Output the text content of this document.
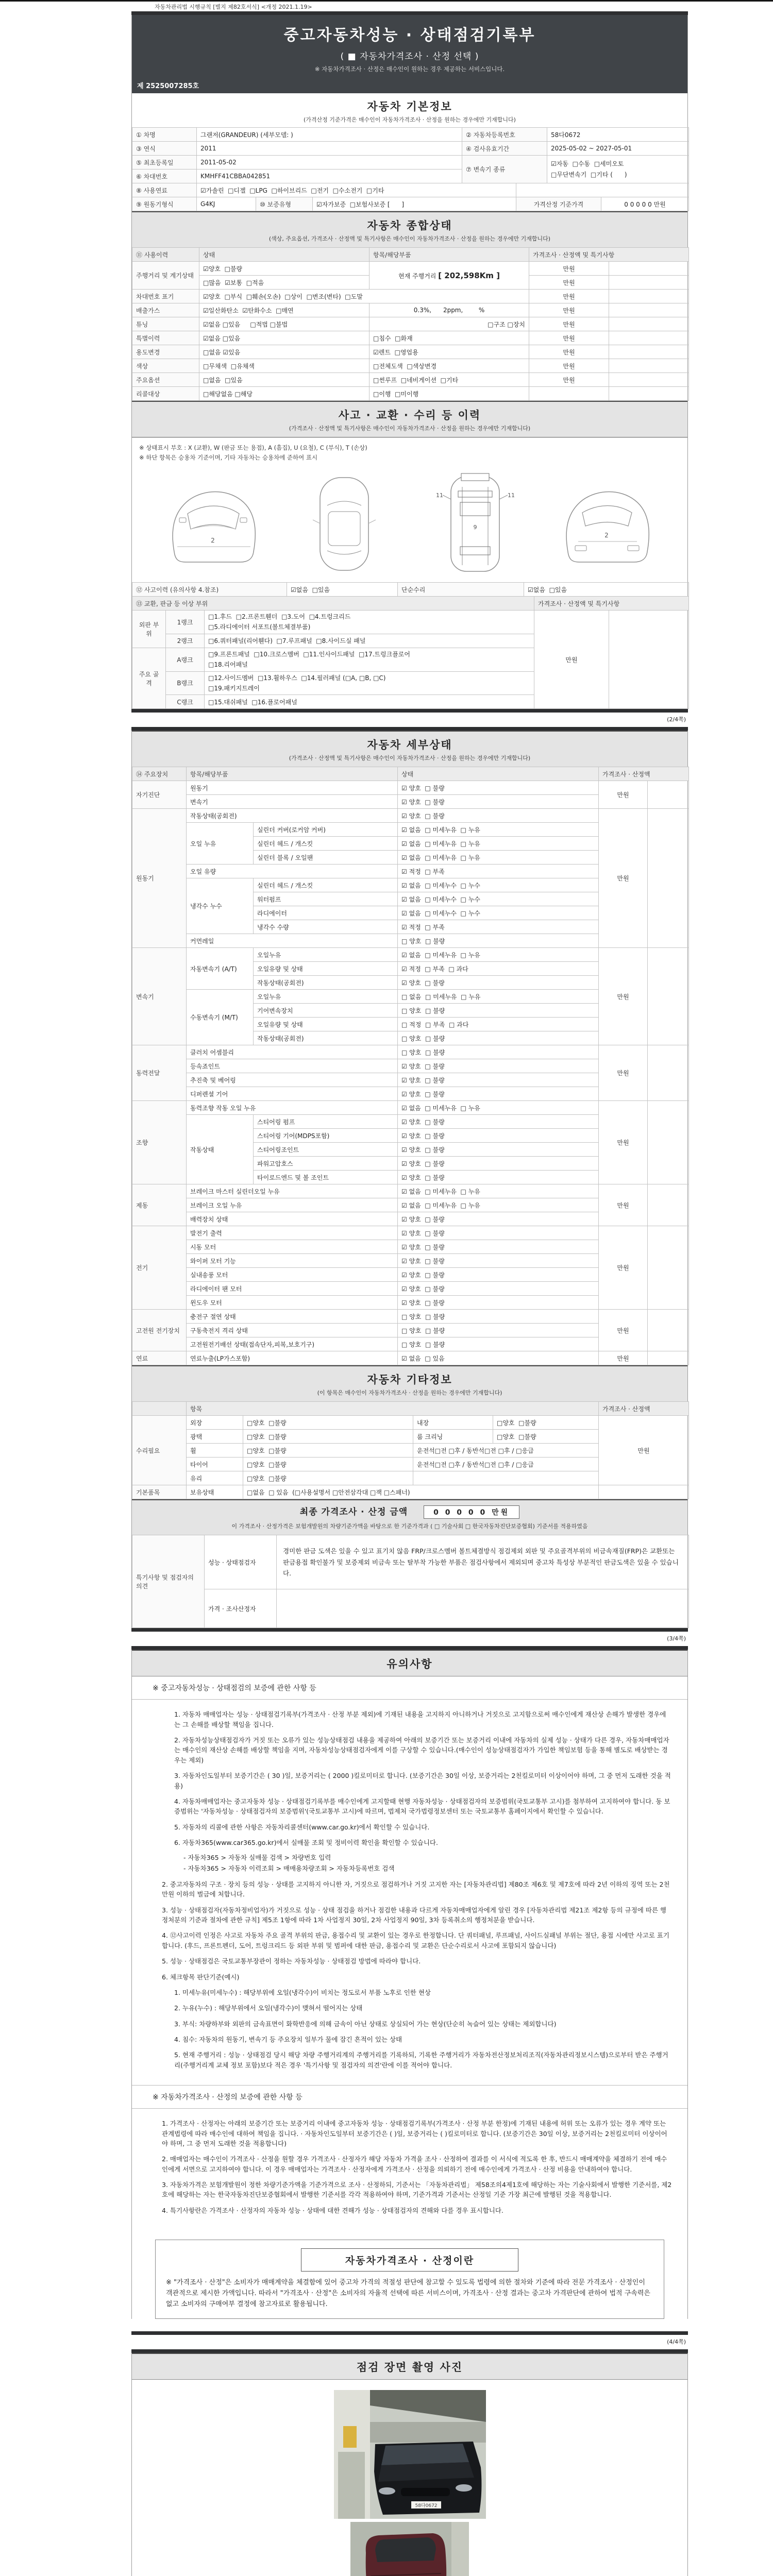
자동차관리법 시행규칙 [별지 제82호서식] <개정 2021.1.19>
중고자동차성능 · 상태점검기록부
( ■ 자동차가격조사 · 산정 선택 )
※ 자동차가격조사 · 산정은 매수인이 원하는 경우 제공하는 서비스입니다.
제 2525007285호
자동차 기본정보
(가격산정 기준가격은 매수인이 자동차가격조사 · 산정을 원하는 경우에만 기재합니다)
① 차명	그랜저(GRANDEUR) (세부모델: )	② 자동차등록번호	58다0672
③ 연식	2011	④ 검사유효기간	2025-05-02 ~ 2027-05-01
⑤ 최초등록일	2011-05-02	⑦ 변속기 종류	☑자동  □수동  □세미오토
□무단변속기  □기타 (      )

⑥ 차대번호	KMHFF41CBBA042851		
⑧ 사용연료	☑가솔린  □디젤  □LPG  □하이브리드  □전기  □수소전기  □기타	
⑨ 원동기형식	G4KJ	⑩ 보증유형	☑자가보증  □보험사보증 [      ]	가격산정 기준가격	0 0 0 0 0 만원
자동차 종합상태
(색상, 주요옵션, 가격조사 · 산정액 및 특기사항은 매수인이 자동차가격조사 · 산정을 원하는 경우에만 기재합니다)
⑪ 사용이력	상태	항목/해당부품	가격조사 · 산정액 및 특기사항	
주행거리 및 계기상태	☑양호  □불량	현재 주행거리 [ 202,598Km ]	만원	
	□많음  ☑보통  □적음		만원	
차대번호 표기	☑양호  □부식  □훼손(오손)  □상이  □변조(변타)  □도말		만원	
배출가스	☑일산화탄소  ☑탄화수소  □매연	0.3%,      2ppm,        %	만원	
튜닝	☑없음 □있음     □적법 □불법	□구조 □장치	만원	
특별이력	☑없음 □있음	□침수  □화재	만원	
용도변경	□없음 ☑있음	☑렌트  □영업용	만원	
색상	□무채색  □유채색	□전체도색  □색상변경	만원	
주요옵션	□없음  □있음	□썬루프  □네비게이션  □기타	만원	
리콜대상	□해당없음 □해당	□이행  □미이행		
사고 · 교환 · 수리 등 이력
(가격조사 · 산정액 및 특기사항은 매수인이 자동차가격조사 · 산정을 원하는 경우에만 기재합니다)

※ 상태표시 부호 : X (교환), W (판금 또는 용접), A (흠집), U (요철), C (부식), T (손상)

※ 하단 항목은 승용차 기준이며, 기타 자동차는 승용차에 준하여 표시

2
11
9
11
2
⑫ 사고이력 (유의사항 4.참조)	☑없음  □있음	단순수리	☑없음  □있음
⑬ 교환, 판금 등 이상 부위	가격조사 · 산정액 및 특기사항
외판 부위	1랭크	□1.후드  □2.프론트휀더  □3.도어  □4.트렁크리드
□5.라디에이터 서포트(볼트체결부품)	만원	
	2랭크	□6.쿼터패널(리어휀다)  □7.루프패널  □8.사이드실 패널		
주요 골격	A랭크	□9.프론트패널  □10.크로스멤버  □11.인사이드패널  □17.트렁크플로어
□18.리어패널		

	B랭크	□12.사이드멤버  □13.휠하우스  □14.필러패널 (□A, □B, □C)
□19.패키지트레이		

	C랭크	□15.대쉬패널  □16.플로어패널		
(2/4쪽)
자동차 세부상태
(가격조사 · 산정액 및 특기사항은 매수인이 자동차가격조사 · 산정을 원하는 경우에만 기재합니다)
⑭ 주요장치	항목/해당부품		상태	가격조사 · 산정액	
자기진단	원동기		☑ 양호  □ 불량	만원	
	변속기		☑ 양호  □ 불량		
원동기	작동상태(공회전)		☑ 양호  □ 불량	만원	
	오일 누유	실린더 커버(로커암 커버)	☑ 없음  □ 미세누유  □ 누유		
		실린더 헤드 / 개스킷	☑ 없음  □ 미세누유  □ 누유		
		실린더 블록 / 오일팬	☑ 없음  □ 미세누유  □ 누유		
	오일 유량		☑ 적정  □ 부족		
	냉각수 누수	실린더 헤드 / 개스킷	☑ 없음  □ 미세누수  □ 누수		
		워터펌프	☑ 없음  □ 미세누수  □ 누수		
		라디에이터	☑ 없음  □ 미세누수  □ 누수		
		냉각수 수량	☑ 적정  □ 부족		
	커먼레일		□ 양호  □ 불량		
변속기	자동변속기 (A/T)	오일누유	☑ 없음  □ 미세누유  □ 누유	만원	
		오일유량 및 상태	☑ 적정  □ 부족  □ 과다		
		작동상태(공회전)	☑ 양호  □ 불량		
	수동변속기 (M/T)	오일누유	□ 없음  □ 미세누유  □ 누유		
		기어변속장치	□ 양호  □ 불량		
		오일유량 및 상태	□ 적정  □ 부족  □ 과다		
		작동상태(공회전)	□ 양호  □ 불량		
동력전달	클러치 어셈블리		□ 양호  □ 불량	만원	
	등속죠인트		☑ 양호  □ 불량		
	추진축 및 베어링		☑ 양호  □ 불량		
	디퍼렌셜 기어		☑ 양호  □ 불량		
조향	동력조향 작동 오일 누유		☑ 없음  □ 미세누유  □ 누유	만원	
	작동상태	스티어링 펌프	☑ 양호  □ 불량		
		스티어링 기어(MDPS포함)	☑ 양호  □ 불량		
		스티어링조인트	☑ 양호  □ 불량		
		파워고압호스	☑ 양호  □ 불량		
		타이로드엔드 및 볼 조인트	☑ 양호  □ 불량		
제동	브레이크 마스터 실린더오일 누유		☑ 없음  □ 미세누유  □ 누유	만원	
	브레이크 오일 누유		☑ 없음  □ 미세누유  □ 누유		
	배력장치 상태		☑ 양호  □ 불량		
전기	발전기 출력		☑ 양호  □ 불량	만원	
	시동 모터		☑ 양호  □ 불량		
	와이퍼 모터 기능		☑ 양호  □ 불량		
	실내송풍 모터		☑ 양호  □ 불량		
	라디에이터 팬 모터		☑ 양호  □ 불량		
	윈도우 모터		☑ 양호  □ 불량		
고전원 전기장치	충전구 절연 상태		□ 양호  □ 불량	만원	
	구동축전지 격리 상태		□ 양호  □ 불량		
	고전원전기배선 상태(접속단자,피복,보호기구)		□ 양호  □ 불량		
연료	연료누출(LP가스포함)		☑ 없음  □ 있음	만원	
자동차 기타정보
(이 항목은 매수인이 자동차가격조사 · 산정을 원하는 경우에만 기재합니다)
	항목				가격조사 · 산정액
수리필요	외장	□양호  □불량	내장	□양호  □불량	만원
	광택	□양호  □불량	룸 크리닝	□양호  □불량	
	휠	□양호  □불량	운전석□전 □후 / 동반석□전 □후 / □응급		
	타이어	□양호  □불량	운전석□전 □후 / 동반석□전 □후 / □응급		
	유리	□양호  □불량			
기본품목	보유상태	□없음  □ 있음  (□사용설명서 □안전삼각대 □잭 □스패너)			
최종 가격조사 · 산정 금액	0 0 0 0 0 만원
이 가격조사 · 산정가격은 보험개발원의 차량기준가액을 바탕으로 한 기준가격과 ( □ 기술사회 □ 한국자동차진단보증협회) 기준서를 적용하였음
특기사항 및 점검자의 의견	성능 · 상태점검자	경미한 판금 도색은 있을 수 있고 표기치 않음 FRP/크로스멤버 볼트체결방식 점검제외 외판 및 주요골격부위의 비금속재질(FRP)은 교환또는 판금용접 확인불가 및 보증제외 비금속 또는 탈부착 가능한 부품은 점검사항에서 제외되며 중고차 특성상 부분적인 판금도색은 있을 수 있습니다.
	가격 · 조사산정자	
(3/4쪽)
유의사항
※ 중고자동차성능 · 상태점검의 보증에 관한 사항 등

1. 자동차 매매업자는 성능 · 상태점검기록부(가격조사 · 산정 부분 제외)에 기재된 내용을 고지하지 아니하거나 거짓으로 고지함으로써 매수인에게 재산상 손해가 발생한 경우에는 그 손해를 배상할 책임을 집니다.

2. 자동차성능상태점검자가 거짓 또는 오류가 있는 성능상태점검 내용을 제공하여 아래의 보증기간 또는 보증거리 이내에 자동차의 실제 성능 · 상태가 다른 경우, 자동차매매업자는 매수인의 재산상 손해를 배상할 책임을 지며, 자동차성능상태점검자에게 이를 구상할 수 있습니다.(매수인이 성능상태점검자가 가입한 책임보험 등을 통해 별도로 배상받는 경우는 제외)

3. 자동차인도일부터 보증기간은 ( 30 )일, 보증거리는 ( 2000 )킬로미터로 합니다. (보증기간은 30일 이상, 보증거리는 2천킬로미터 이상이어야 하며, 그 중 먼저 도래한 것을 적용)

4. 자동차매매업자는 중고자동차 성능 · 상태점검기록부를 매수인에게 고지할때 현행 자동차성능 · 상태점검자의 보증범위(국토교통부 고시)를 첨부하여 고지하여야 합니다. 동 보증범위는 '자동차성능 · 상태점검자의 보증범위'(국토교통부 고시)에 따르며, 법제처 국가법령정보센터 또는 국토교통부 홈페이지에서 확인할 수 있습니다.

5. 자동차의 리콜에 관한 사항은 자동차리콜센터(www.car.go.kr)에서 확인할 수 있습니다.

6. 자동차365(www.car365.go.kr)에서 실매물 조회 및 정비이력 확인을 확인할 수 있습니다.

- 자동차365 > 자동차 실매물 검색 > 차량번호 입력

- 자동차365 > 자동차 이력조회 > 매매용차량조회 > 자동차등록번호 검색

2. 중고자동차의 구조 · 장치 등의 성능 · 상태를 고지하지 아니한 자, 거짓으로 점검하거나 거짓 고지한 자는 [자동차관리법] 제80조 제6호 및 제7호에 따라 2년 이하의 징역 또는 2천만원 이하의 벌금에 처합니다.

3. 성능 · 상태점검자(자동차정비업자)가 거짓으로 성능 · 상태 점검을 하거나 점검한 내용과 다르게 자동차매매업자에게 알린 경우 [자동차관리법 제21조 제2항 등의 규정에 따른 행정처분의 기준과 절차에 관한 규칙] 제5조 1항에 따라 1차 사업정지 30일, 2차 사업정지 90일, 3차 등록취소의 행정처분을 받습니다.

4. ⑫사고이력 인정은 사고로 자동차 주요 골격 부위의 판금, 용접수리 및 교환이 있는 경우로 한정합니다. 단 쿼터패널, 루프패널, 사이드실패널 부위는 절단, 용접 시에만 사고로 표기합니다. (후드, 프론트펜더, 도어, 트렁크리드 등 외판 부위 및 범퍼에 대한 판금, 용접수리 및 교환은 단순수리로서 사고에 포함되지 않습니다)

5. 성능 · 상태점검은 국토교통부장관이 정하는 자동차성능 · 상태점검 방법에 따라야 합니다.

6. 체크항목 판단기준(예시)

1. 미세누유(미세누수) : 해당부위에 오일(냉각수)이 비치는 정도로서 부품 노후로 인한 현상

2. 누유(누수) : 해당부위에서 오일(냉각수)이 맺혀서 떨어지는 상태

3. 부식: 차량하부와 외판의 금속표면이 화학반응에 의해 금속이 아닌 상태로 상실되어 가는 현상(단순히 녹슬어 있는 상태는 제외합니다)

4. 침수: 자동차의 원동기, 변속기 등 주요장치 일부가 물에 잠긴 흔적이 있는 상태

5. 현재 주행거리 : 성능 · 상태점검 당시 해당 차량 주행거리계의 주행거리를 기록하되, 기록한 주행거리가 자동차전산정보처리조직(자동차관리정보시스템)으로부터 받은 주행거리(주행거리계 교체 정보 포함)보다 적은 경우 '특기사항 및 점검자의 의견'란에 이를 적어야 합니다.

※ 자동차가격조사 · 산정의 보증에 관한 사항 등

1. 가격조사 · 산정자는 아래의 보증기간 또는 보증거리 이내에 중고자동차 성능 · 상태점검기록부(가격조사 · 산정 부분 한정)에 기재된 내용에 허위 또는 오류가 있는 경우 계약 또는 관계법령에 따라 매수인에 대하여 책임을 집니다. · 자동차인도일부터 보증기간은 ( )일, 보증거리는 ( )킬로미터로 합니다. (보증기간은 30일 이상, 보증거리는 2천킬로미터 이상이어야 하며, 그 중 먼저 도래한 것을 적용합니다)

2. 매매업자는 매수인이 가격조사 · 산정을 원할 경우 가격조사 · 산정자가 해당 자동차 가격을 조사 · 산정하여 결과를 이 서식에 적도록 한 후, 반드시 매매계약을 체결하기 전에 매수인에게 서면으로 고지하여야 합니다. 이 경우 매매업자는 가격조사 · 산정자에게 가격조사 · 산정을 의뢰하기 전에 매수인에게 가격조사 · 산정 비용을 안내하여야 합니다.

3. 자동차가격은 보험개발원이 정한 차량기준가액을 기준가격으로 조사 · 산정하되, 기준서는 「자동차관리법」 제58조의4제1호에 해당하는 자는 기술사회에서 발행한 기준서를, 제2호에 해당하는 자는 한국자동차진단보증협회에서 발행한 기준서를 각각 적용하여야 하며, 기준가격과 기준서는 산정일 기준 가장 최근에 발행된 것을 적용합니다.

4. 특기사항란은 가격조사 · 산정자의 자동차 성능 · 상태에 대한 견해가 성능 · 상태점검자의 견해와 다를 경우 표시합니다.

자동차가격조사 · 산정이란
※ "가격조사 · 산정"은 소비자가 매매계약을 체결함에 있어 중고차 가격의 적절성 판단에 참고할 수 있도록 법령에 의한 절차와 기준에 따라 전문 가격조사 · 산정인이 객관적으로 제시한 가액입니다. 따라서 "가격조사 · 산정"은 소비자의 자율적 선택에 따른 서비스이며, 가격조사 · 산정 결과는 중고차 가격판단에 관하여 법적 구속력은 없고 소비자의 구매여부 결정에 참고자료로 활용됩니다.
(4/4쪽)
점검 장면 촬영 사진
58다0672
